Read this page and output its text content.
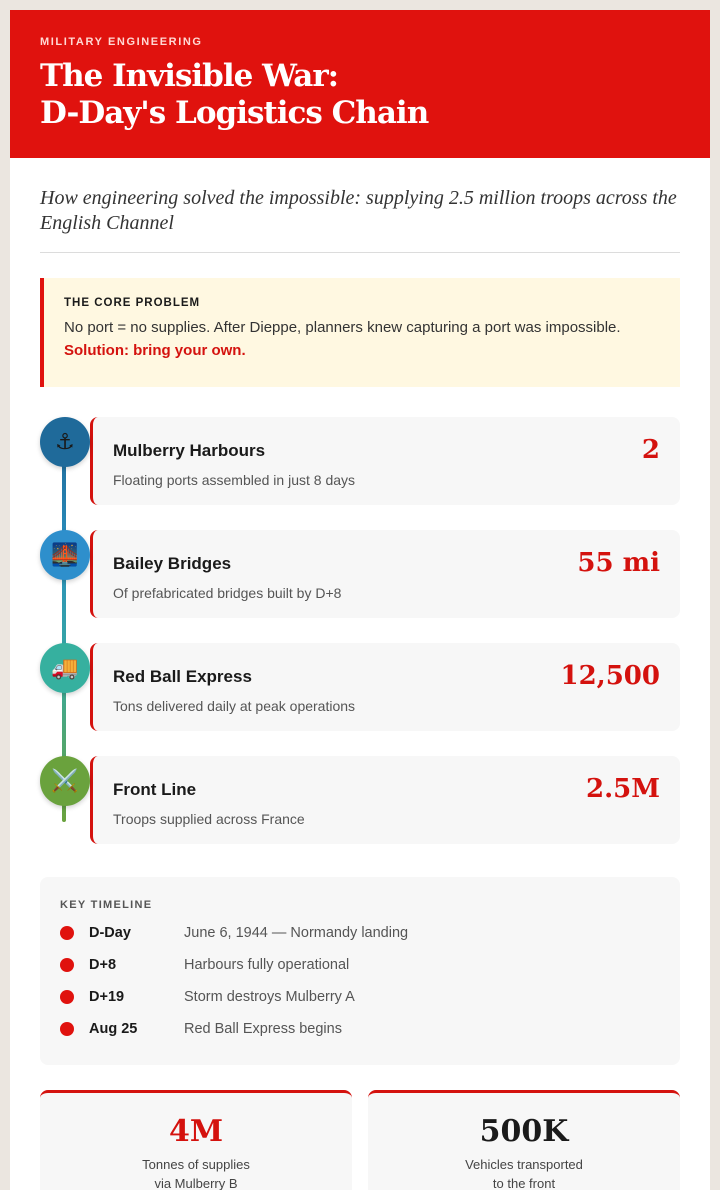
MILITARY ENGINEERING
The Invisible War:
D-Day's Logistics Chain

How engineering solved the impossible: supplying 2.5 million troops across the English Channel

THE CORE PROBLEM
No port = no supplies. After Dieppe, planners knew capturing a port was impossible.
Solution: bring your own.
⚓	Mulberry Harbours
Floating ports assembled in just 8 days
2
🌉	Bailey Bridges
Of prefabricated bridges built by D+8
55 mi
🚚	Red Ball Express
Tons delivered daily at peak operations
12,500
⚔️	Front Line
Troops supplied across France
2.5M
KEY TIMELINE
D-Day	June 6, 1944 — Normandy landing
D+8	Harbours fully operational
D+19	Storm destroys Mulberry A
Aug 25	Red Ball Express begins
4M
Tonnes of supplies
via Mulberry B
500K
Vehicles transported
to the front
